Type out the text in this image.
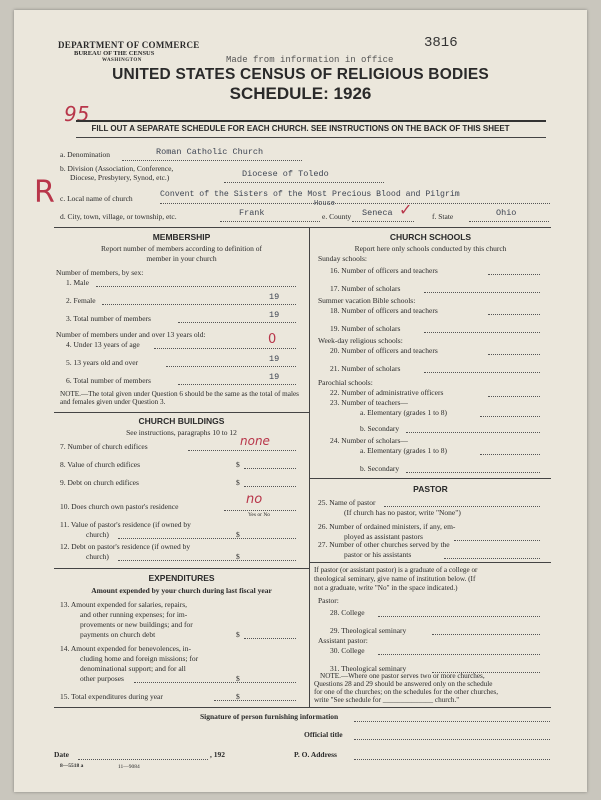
DEPARTMENT OF COMMERCE
BUREAU OF THE CENSUS
WASHINGTON	Made from information in office
3816
UNITED STATES CENSUS OF RELIGIOUS BODIES
SCHEDULE: 1926
95
R
FILL OUT A SEPARATE SCHEDULE FOR EACH CHURCH. SEE INSTRUCTIONS ON THE BACK OF THIS SHEET
a. Denomination	Roman Catholic Church
b. Division (Association, Conference,
Diocese, Presbytery, Synod, etc.)	Diocese of Toledo
c. Local name of church	Convent of the Sisters of the Most Precious Blood and Pilgrim
House
d. City, town, village, or township, etc.	Frank	e. County Seneca ✓	f. State	Ohio
MEMBERSHIP
Report number of members according to definition of
member in your church
Number of members, by sex:
1. Male
2. Female	19
3. Total number of members	19
Number of members under and over 13 years old:
4. Under 13 years of age	0
5. 13 years old and over	19
6. Total number of members	19
NOTE.—The total given under Question 6 should be the same as the total of males and females given under Question 3.
CHURCH BUILDINGS
See instructions, paragraphs 10 to 12
7. Number of church edifices	none
8. Value of church edifices	$
9. Debt on church edifices	$
10. Does church own pastor's residence	no
Yes or No
11. Value of pastor's residence (if owned by
church)	$
12. Debt on pastor's residence (if owned by
church)	$
EXPENDITURES
Amount expended by your church during last fiscal year
13. Amount expended for salaries, repairs,
and other running expenses; for im-
provements or new buildings; and for
payments on church debt	$
14. Amount expended for benevolences, in-
cluding home and foreign missions; for
denominational support; and for all
other purposes	$
15. Total expenditures during year	$
CHURCH SCHOOLS
Report here only schools conducted by this church
Sunday schools:
16. Number of officers and teachers
17. Number of scholars
Summer vacation Bible schools:
18. Number of officers and teachers
19. Number of scholars
Week-day religious schools:
20. Number of officers and teachers
21. Number of scholars
Parochial schools:
22. Number of administrative officers
23. Number of teachers—
a. Elementary (grades 1 to 8)
b. Secondary
24. Number of scholars—
a. Elementary (grades 1 to 8)
b. Secondary
PASTOR
25. Name of pastor
(If church has no pastor, write "None")
26. Number of ordained ministers, if any, em-
ployed as assistant pastors
27. Number of other churches served by the
pastor or his assistants
If pastor (or assistant pastor) is a graduate of a college or
theological seminary, give name of institution below. (If
not a graduate, write "No" in the space indicated.)
Pastor:
28. College
29. Theological seminary
Assistant pastor:
30. College
31. Theological seminary
NOTE.—Where one pastor serves two or more churches,
Questions 28 and 29 should be answered only on the schedule
for one of the churches; on the schedules for the other churches,
write "See schedule for ______________ church."
Signature of person furnishing information
Official title
Date	, 192	P. O. Address
8—5518 a	11—9084
